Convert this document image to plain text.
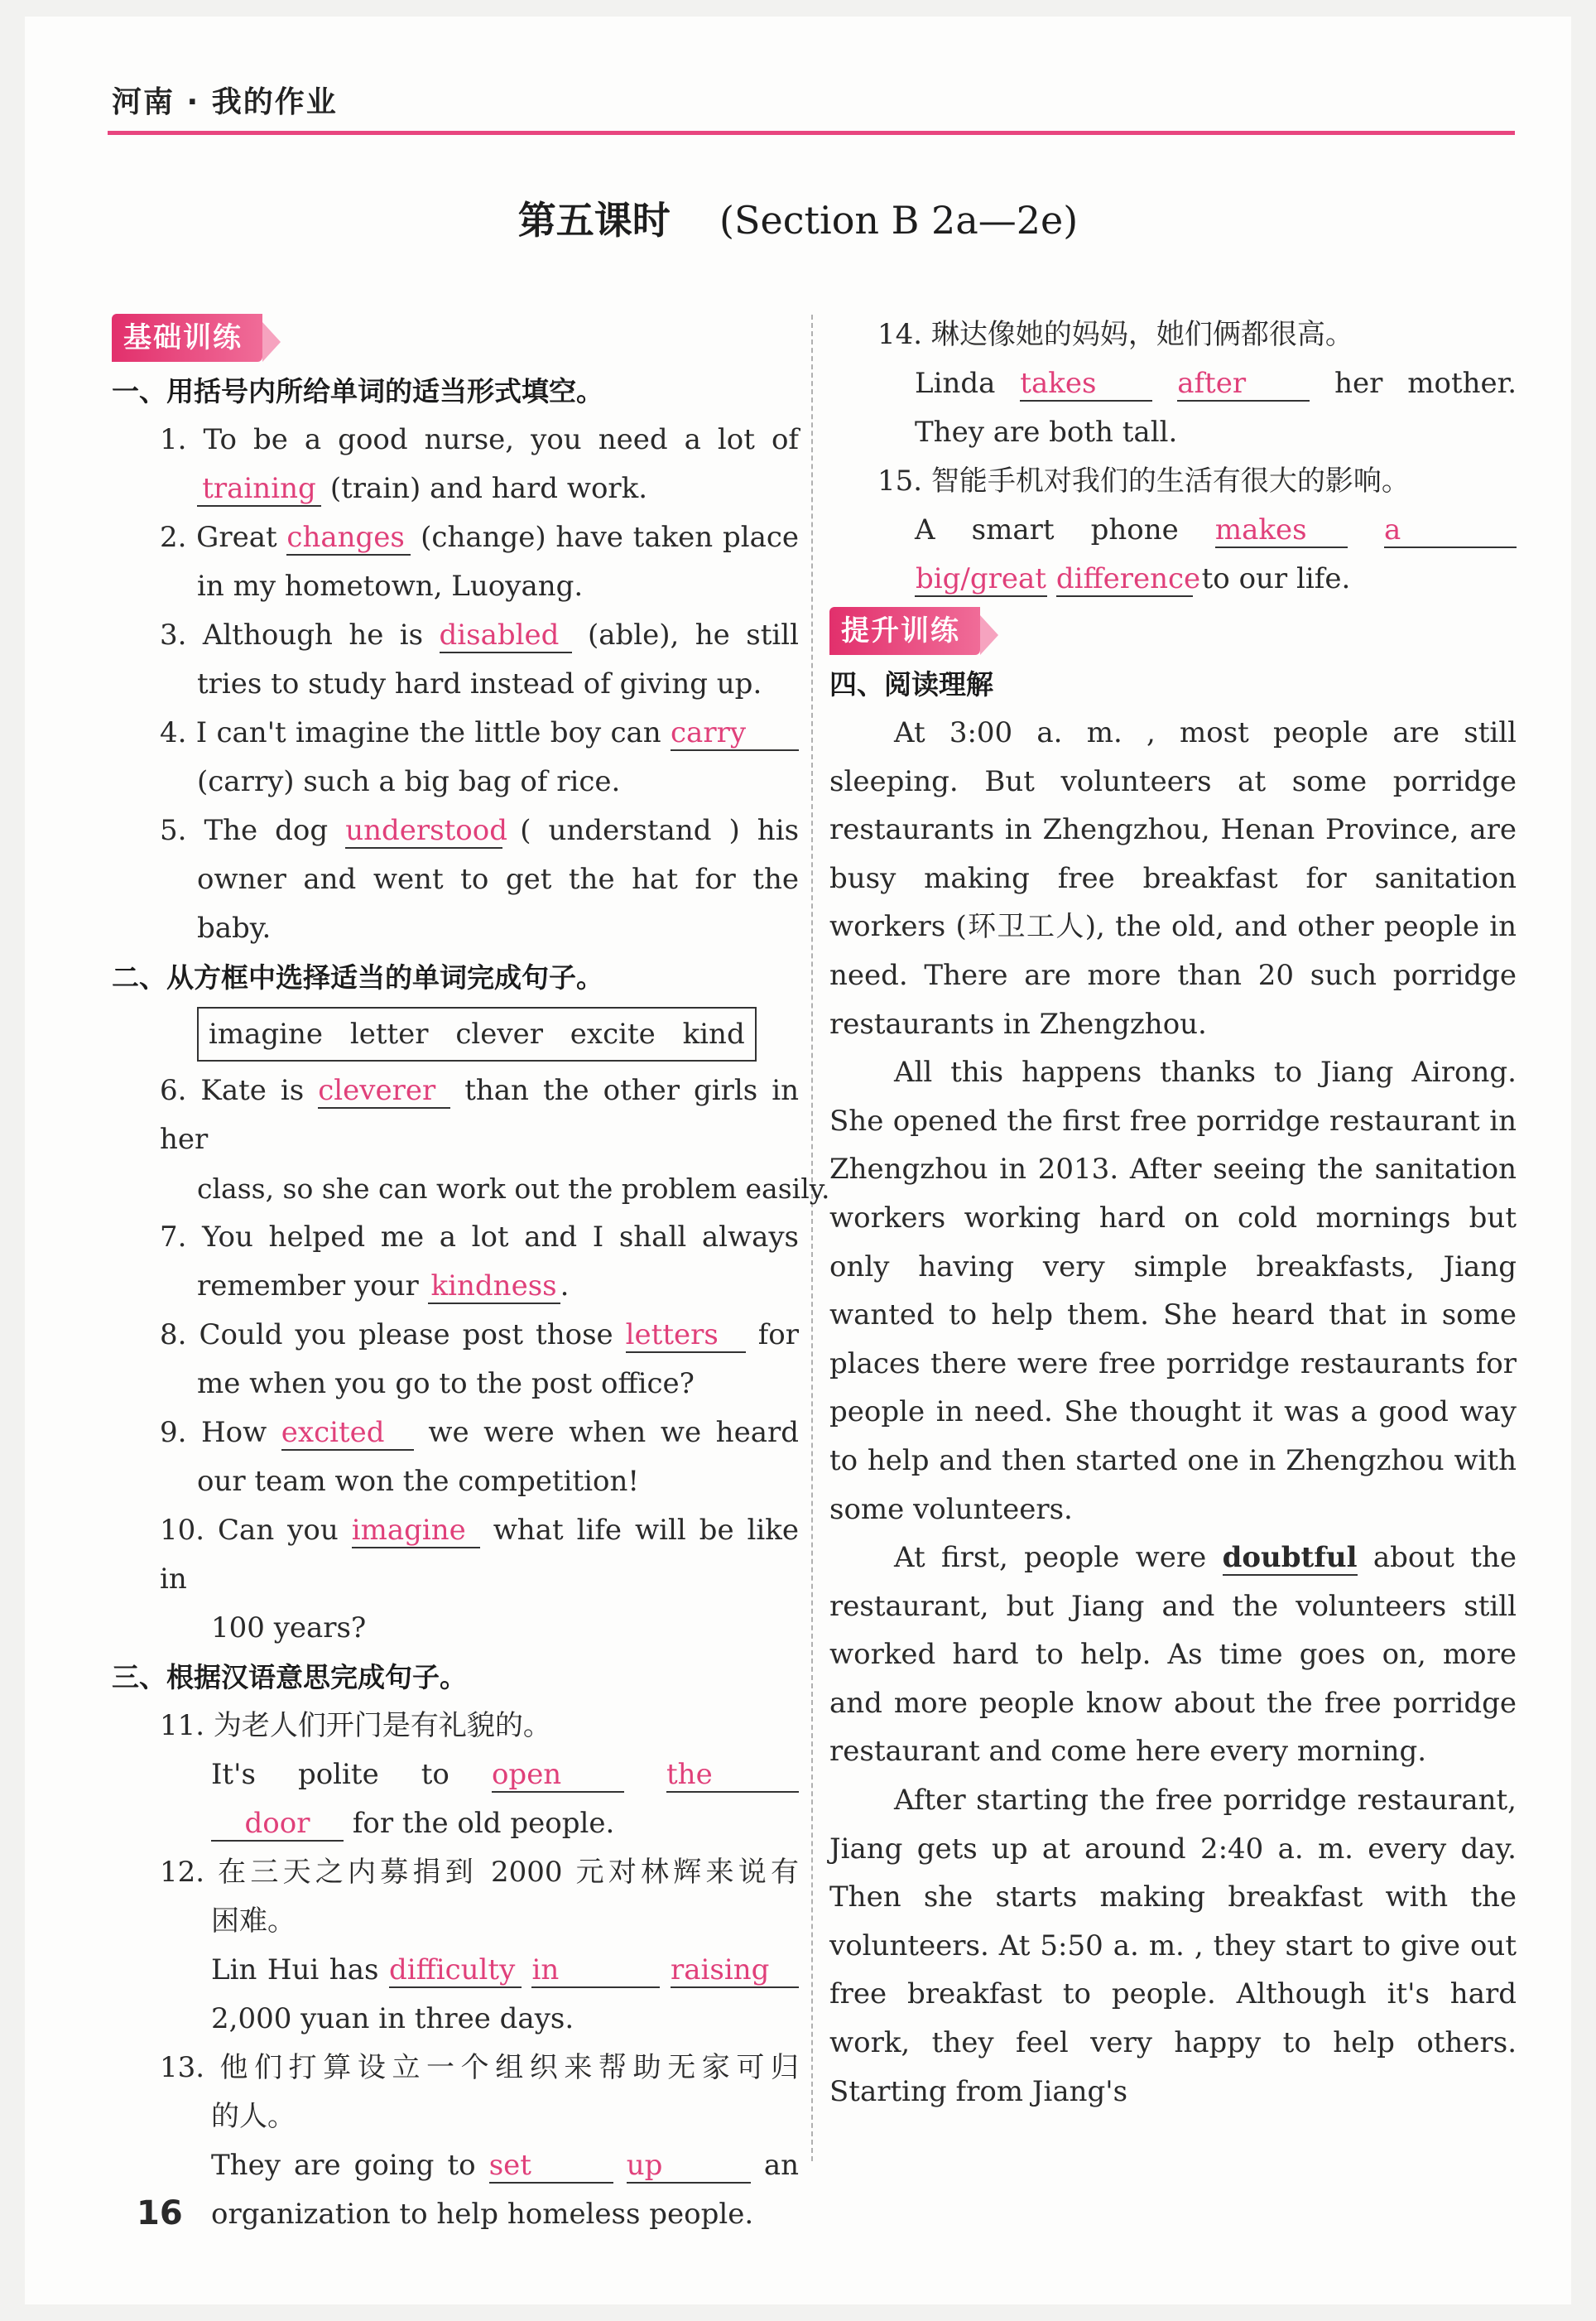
河南 · 我的作业
第五课时 (Section B 2a—2e)
基础训练
一、用括号内所给单词的适当形式填空。
1. To be a good nurse, you need a lot of
training (train) and hard work.
2. Great changes (change) have taken place
in my hometown, Luoyang.
3. Although he is disabled (able), he still
tries to study hard instead of giving up.
4. I can't imagine the little boy can carry
(carry) such a big bag of rice.
5. The dog understood ( understand ) his
owner and went to get the hat for the
baby.
二、从方框中选择适当的单词完成句子。
imagine letter clever excite kind
6. Kate is cleverer than the other girls in her
class, so she can work out the problem easily.
7. You helped me a lot and I shall always
remember your kindness .
8. Could you please post those letters for
me when you go to the post office?
9. How excited we were when we heard
our team won the competition!
10. Can you imagine what life will be like in
100 years?
三、根据汉语意思完成句子。
11. 为老人们开门是有礼貌的。
It's polite to open	the
door for the old people.
12. 在三天之内募捐到 2000 元对林辉来说有
困难。
Lin Hui has difficulty in	raising
2,000 yuan in three days.
13. 他们打算设立一个组织来帮助无家可归
的人。
They are going to set	up	an
organization to help homeless people.
14. 琳达像她的妈妈，她们俩都很高。
Linda takes	after	her mother.
They are both tall.
15. 智能手机对我们的生活有很大的影响。
A smart phone makes	a
big/great difference to our life.
提升训练
四、阅读理解
At 3:00 a. m. , most people are still sleeping. But volunteers at some porridge restaurants in Zhengzhou, Henan Province, are busy making free breakfast for sanitation workers (环卫工人), the old, and other people in need. There are more than 20 such porridge restaurants in Zhengzhou.
All this happens thanks to Jiang Airong. She opened the first free porridge restaurant in Zhengzhou in 2013. After seeing the sanitation workers working hard on cold mornings but only having very simple breakfasts, Jiang wanted to help them. She heard that in some places there were free porridge restaurants for people in need. She thought it was a good way to help and then started one in Zhengzhou with some volunteers.
At first, people were doubtful about the restaurant, but Jiang and the volunteers still worked hard to help. As time goes on, more and more people know about the free porridge restaurant and come here every morning.
After starting the free porridge restaurant, Jiang gets up at around 2:40 a. m. every day. Then she starts making breakfast with the volunteers. At 5:50 a. m. , they start to give out free breakfast to people. Although it's hard work, they feel very happy to help others. Starting from Jiang's
16
